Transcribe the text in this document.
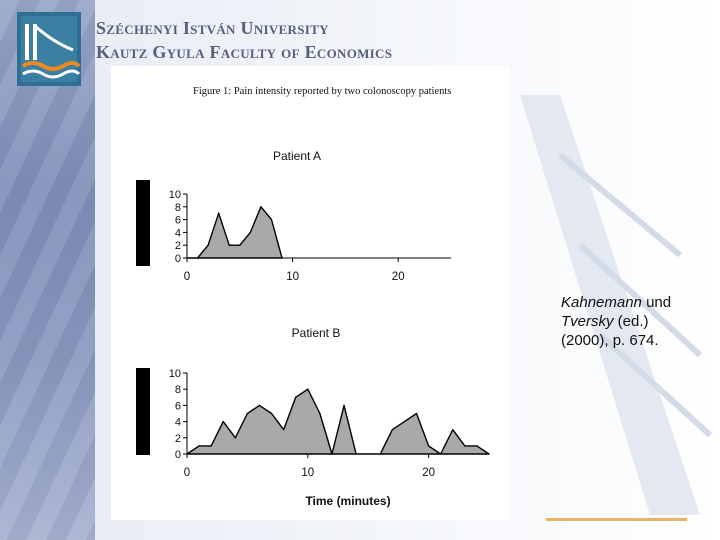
Széchenyi István University
Kautz Gyula Faculty of Economics
Figure 1: Pain intensity reported by two colonoscopy patients
Patient A
0
2
4
6
8
10
0	10	20
Patient B
0
2
4
6
8
10
0	10	20
Time (minutes)
Kahnemann und
Tversky (ed.)
(2000), p. 674.
